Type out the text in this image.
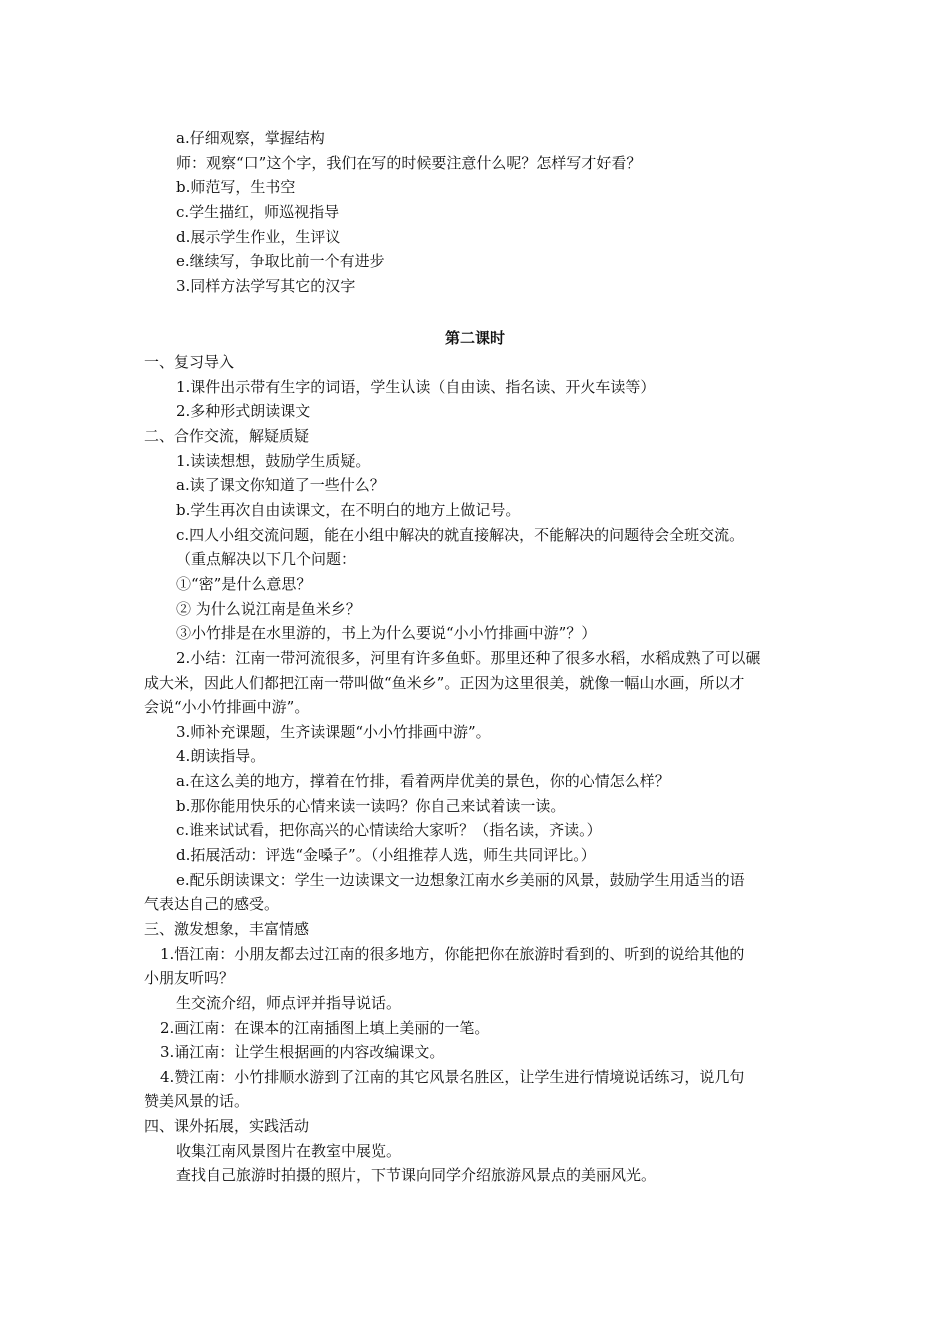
a.仔细观察，掌握结构
师：观察“口”这个字，我们在写的时候要注意什么呢？怎样写才好看？
b.师范写，生书空
c.学生描红，师巡视指导
d.展示学生作业，生评议
e.继续写，争取比前一个有进步
3.同样方法学写其它的汉字
第二课时
一、复习导入
1.课件出示带有生字的词语，学生认读（自由读、指名读、开火车读等）
2.多种形式朗读课文
二、合作交流，解疑质疑
1.读读想想，鼓励学生质疑。
a.读了课文你知道了一些什么？
b.学生再次自由读课文，在不明白的地方上做记号。
c.四人小组交流问题，能在小组中解决的就直接解决，不能解决的问题待会全班交流。
（重点解决以下几个问题：
①“密”是什么意思？
② 为什么说江南是鱼米乡？
③小竹排是在水里游的，书上为什么要说“小小竹排画中游”？）
2.小结：江南一带河流很多，河里有许多鱼虾。那里还种了很多水稻，水稻成熟了可以碾
成大米，因此人们都把江南一带叫做“鱼米乡”。正因为这里很美，就像一幅山水画，所以才
会说“小小竹排画中游”。
3.师补充课题，生齐读课题“小小竹排画中游”。
4.朗读指导。
a.在这么美的地方，撑着在竹排，看着两岸优美的景色，你的心情怎么样？
b.那你能用快乐的心情来读一读吗？你自己来试着读一读。
c.谁来试试看，把你高兴的心情读给大家听？（指名读，齐读。）
d.拓展活动：评选“金嗓子”。（小组推荐人选，师生共同评比。）
e.配乐朗读课文：学生一边读课文一边想象江南水乡美丽的风景，鼓励学生用适当的语
气表达自己的感受。
三、激发想象，丰富情感
1.悟江南：小朋友都去过江南的很多地方，你能把你在旅游时看到的、听到的说给其他的
小朋友听吗？
生交流介绍，师点评并指导说话。
2.画江南：在课本的江南插图上填上美丽的一笔。
3.诵江南：让学生根据画的内容改编课文。
4.赞江南：小竹排顺水游到了江南的其它风景名胜区，让学生进行情境说话练习，说几句
赞美风景的话。
四、课外拓展，实践活动
收集江南风景图片在教室中展览。
查找自己旅游时拍摄的照片，下节课向同学介绍旅游风景点的美丽风光。
